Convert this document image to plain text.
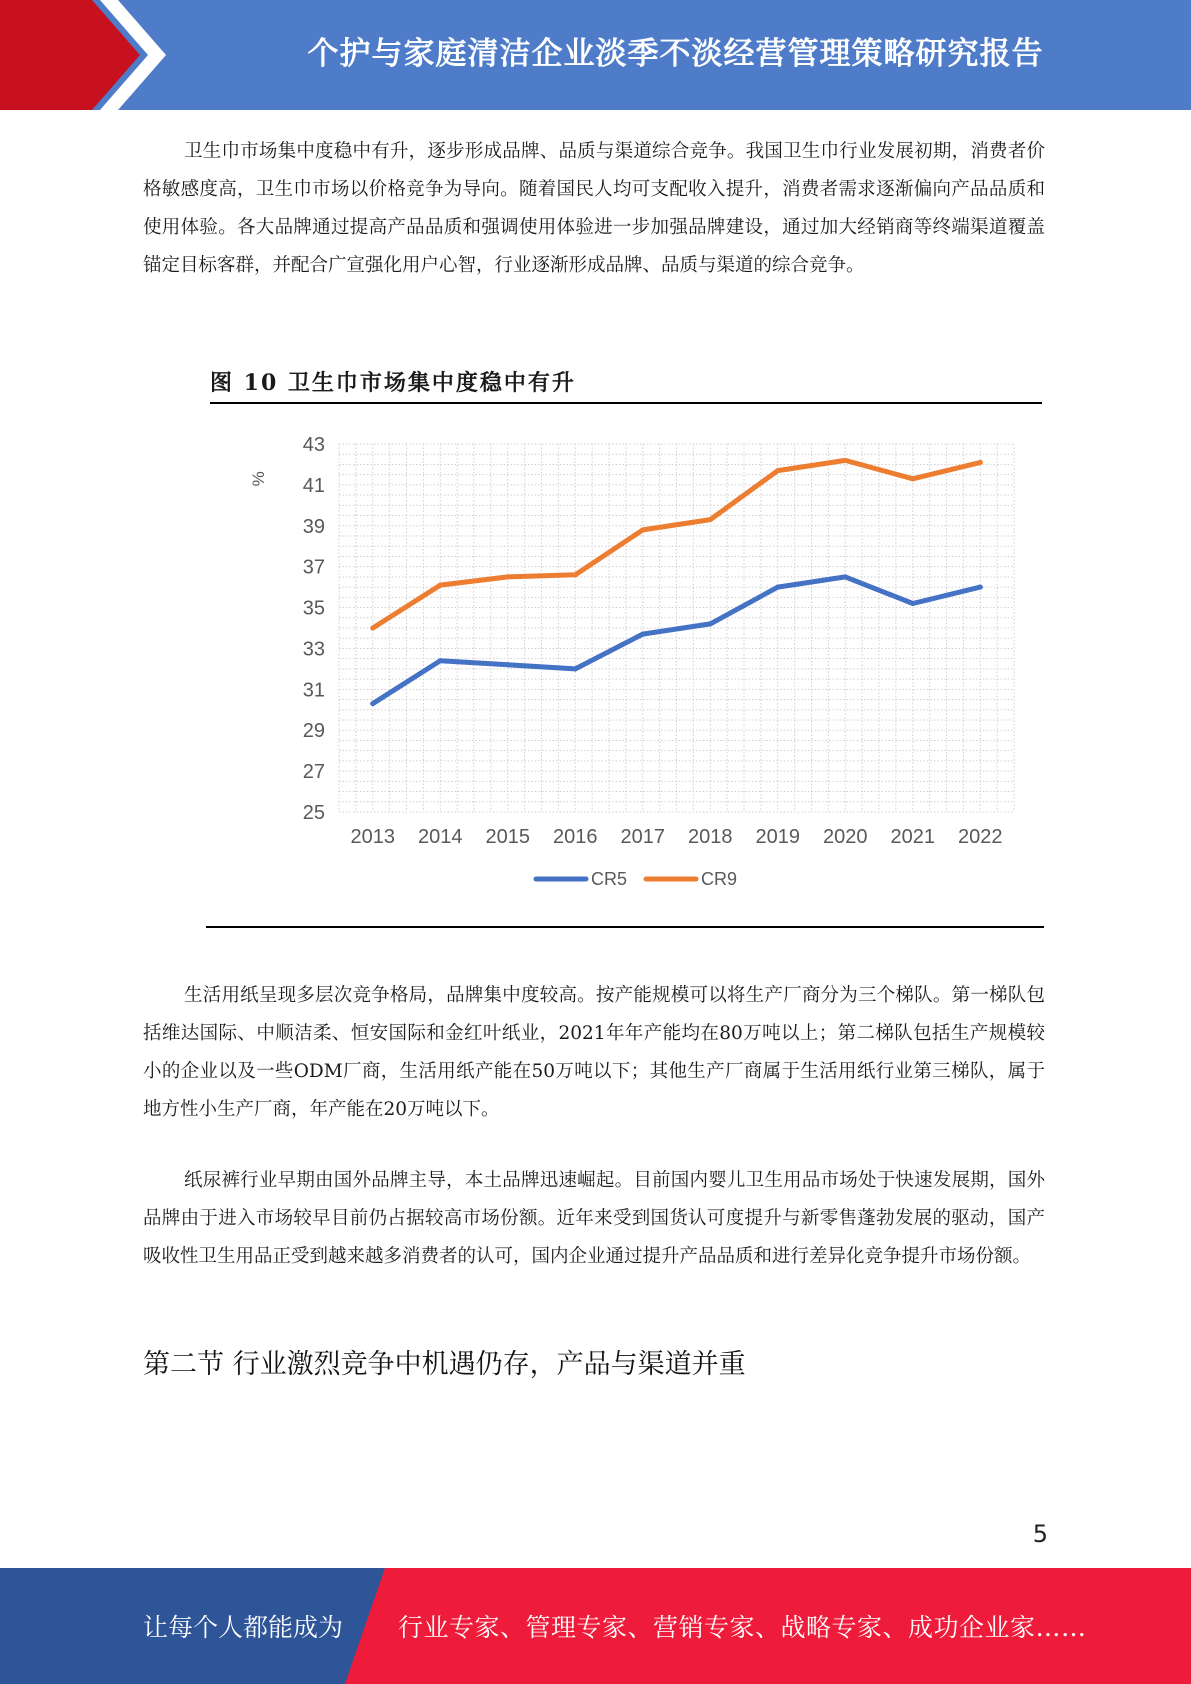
个护与家庭清洁企业淡季不淡经营管理策略研究报告

卫生巾市场集中度稳中有升，逐步形成品牌、品质与渠道综合竞争。我国卫生巾行业发展初期，消费者价格敏感度高，卫生巾市场以价格竞争为导向。随着国民人均可支配收入提升，消费者需求逐渐偏向产品品质和使用体验。各大品牌通过提高产品品质和强调使用体验进一步加强品牌建设，通过加大经销商等终端渠道覆盖锚定目标客群，并配合广宣强化用户心智，行业逐渐形成品牌、品质与渠道的综合竞争。

图 10 卫生巾市场集中度稳中有升
25
27
29
31
33
35
37
39
41
43
%
2013 2014 2015 2016 2017 2018 2019 2020 2021 2022
CR5	CR9

生活用纸呈现多层次竞争格局，品牌集中度较高。按产能规模可以将生产厂商分为三个梯队。第一梯队包括维达国际、中顺洁柔、恒安国际和金红叶纸业，2021年年产能均在80万吨以上；第二梯队包括生产规模较小的企业以及一些ODM厂商，生活用纸产能在50万吨以下；其他生产厂商属于生活用纸行业第三梯队，属于地方性小生产厂商，年产能在20万吨以下。

纸尿裤行业早期由国外品牌主导，本土品牌迅速崛起。目前国内婴儿卫生用品市场处于快速发展期，国外品牌由于进入市场较早目前仍占据较高市场份额。近年来受到国货认可度提升与新零售蓬勃发展的驱动，国产吸收性卫生用品正受到越来越多消费者的认可，国内企业通过提升产品品质和进行差异化竞争提升市场份额。

第二节 行业激烈竞争中机遇仍存，产品与渠道并重
5
让每个人都能成为 行业专家、管理专家、营销专家、战略专家、成功企业家……
